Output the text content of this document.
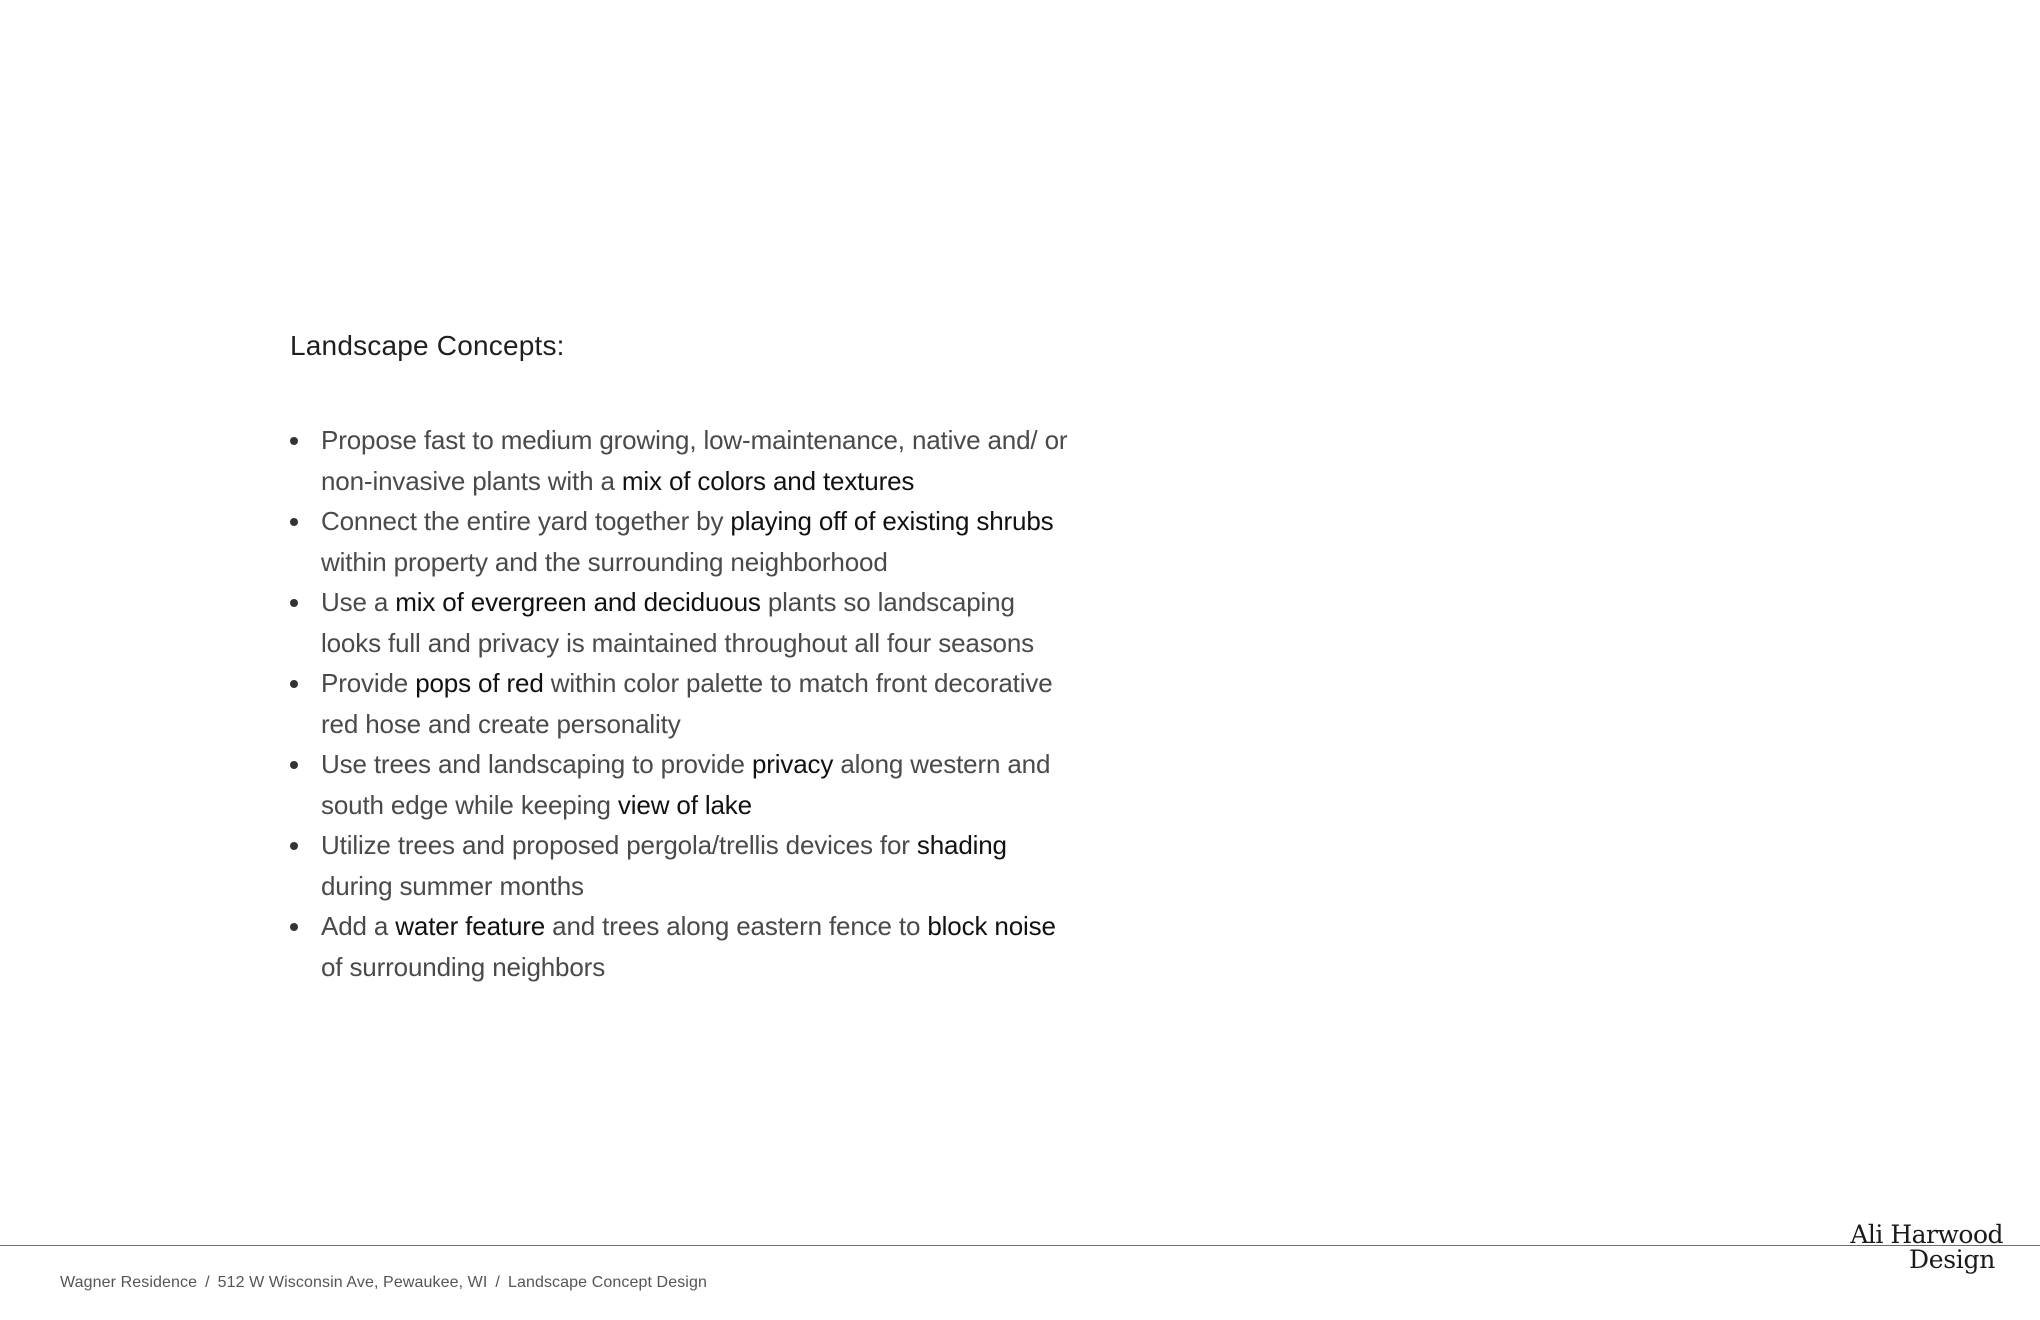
Landscape Concepts:
Propose fast to medium growing, low-maintenance, native and/ or non-invasive plants with a mix of colors and textures
Connect the entire yard together by playing off of existing shrubs within property and the surrounding neighborhood
Use a mix of evergreen and deciduous plants so landscaping looks full and privacy is maintained throughout all four seasons
Provide pops of red within color palette to match front decorative red hose and create personality
Use trees and landscaping to provide privacy along western and south edge while keeping view of lake
Utilize trees and proposed pergola/trellis devices for shading during summer months
Add a water feature and trees along eastern fence to block noise of surrounding neighbors
Wagner Residence / 512 W Wisconsin Ave, Pewaukee, WI / Landscape Concept Design
Ali Harwood
Design
